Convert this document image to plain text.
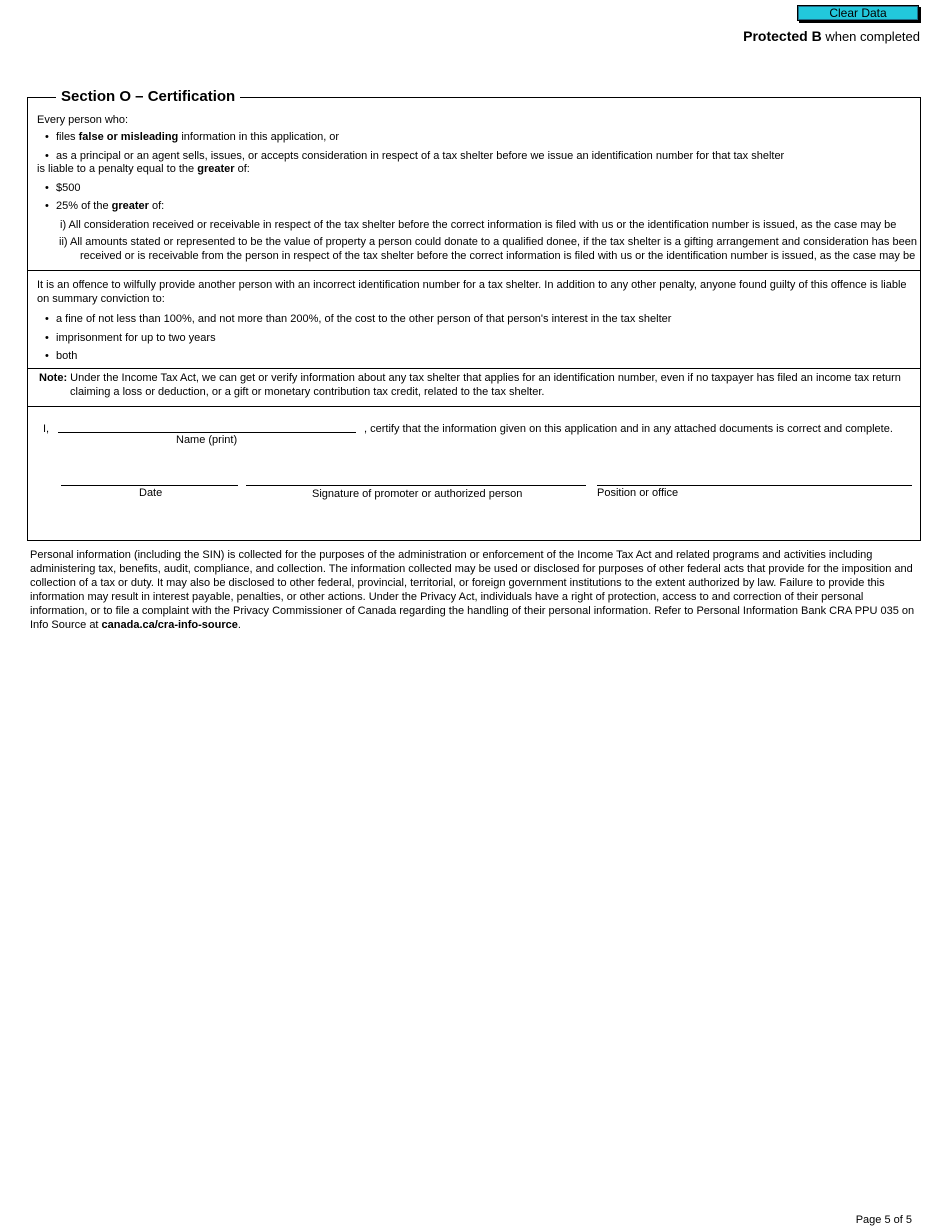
Clear Data
Protected B when completed
Section O – Certification
Every person who:
• files false or misleading information in this application, or
• as a principal or an agent sells, issues, or accepts consideration in respect of a tax shelter before we issue an identification number for that tax shelter
is liable to a penalty equal to the greater of:
• $500
• 25% of the greater of:
i) All consideration received or receivable in respect of the tax shelter before the correct information is filed with us or the identification number is issued, as the case may be
ii) All amounts stated or represented to be the value of property a person could donate to a qualified donee, if the tax shelter is a gifting arrangement and consideration has been
received or is receivable from the person in respect of the tax shelter before the correct information is filed with us or the identification number is issued, as the case may be
It is an offence to wilfully provide another person with an incorrect identification number for a tax shelter. In addition to any other penalty, anyone found guilty of this offence is liable
on summary conviction to:
• a fine of not less than 100%, and not more than 200%, of the cost to the other person of that person's interest in the tax shelter
• imprisonment for up to two years
• both
Note: Under the Income Tax Act, we can get or verify information about any tax shelter that applies for an identification number, even if no taxpayer has filed an income tax return
claiming a loss or deduction, or a gift or monetary contribution tax credit, related to the tax shelter.
I,	, certify that the information given on this application and in any attached documents is correct and complete.
Name (print)
Date	Signature of promoter or authorized person	Position or office
Personal information (including the SIN) is collected for the purposes of the administration or enforcement of the Income Tax Act and related programs and activities including administering tax, benefits, audit, compliance, and collection. The information collected may be used or disclosed for purposes of other federal acts that provide for the imposition and collection of a tax or duty. It may also be disclosed to other federal, provincial, territorial, or foreign government institutions to the extent authorized by law. Failure to provide this information may result in interest payable, penalties, or other actions. Under the Privacy Act, individuals have a right of protection, access to and correction of their personal information, or to file a complaint with the Privacy Commissioner of Canada regarding the handling of their personal information. Refer to Personal Information Bank CRA PPU 035 on Info Source at canada.ca/cra-info-source.
Page 5 of 5
